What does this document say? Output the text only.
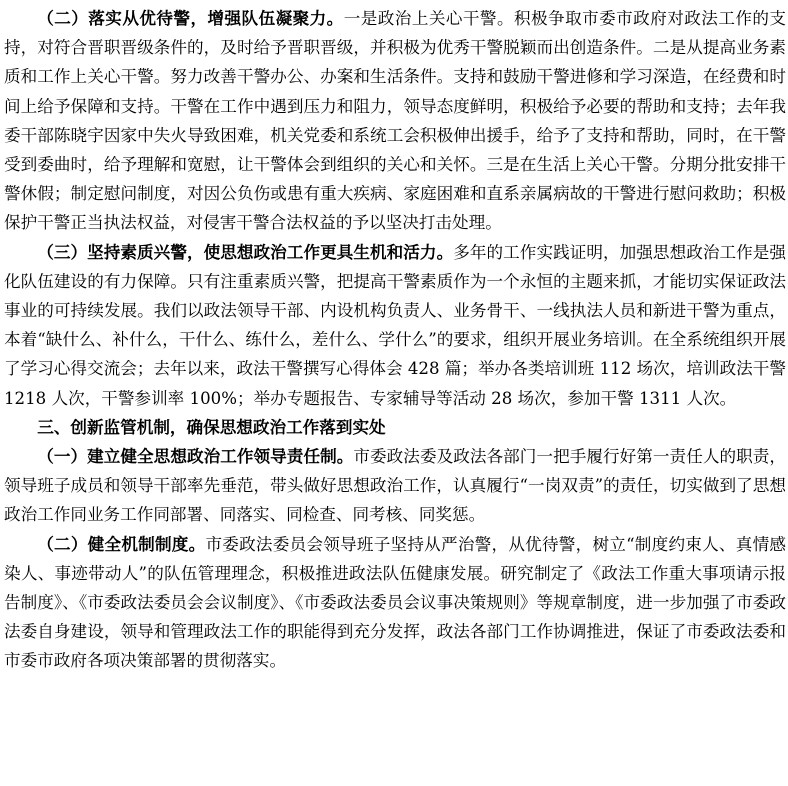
（二）落实从优待警，增强队伍凝聚力。一是政治上关心干警。积极争取市委市政府对政法工作的支持，对符合晋职晋级条件的，及时给予晋职晋级，并积极为优秀干警脱颖而出创造条件。二是从提高业务素质和工作上关心干警。努力改善干警办公、办案和生活条件。支持和鼓励干警进修和学习深造，在经费和时间上给予保障和支持。干警在工作中遇到压力和阻力，领导态度鲜明，积极给予必要的帮助和支持；去年我委干部陈晓宇因家中失火导致困难，机关党委和系统工会积极伸出援手，给予了支持和帮助，同时，在干警受到委曲时，给予理解和宽慰，让干警体会到组织的关心和关怀。三是在生活上关心干警。分期分批安排干警休假；制定慰问制度，对因公负伤或患有重大疾病、家庭困难和直系亲属病故的干警进行慰问救助；积极保护干警正当执法权益，对侵害干警合法权益的予以坚决打击处理。

（三）坚持素质兴警，使思想政治工作更具生机和活力。多年的工作实践证明，加强思想政治工作是强化队伍建设的有力保障。只有注重素质兴警，把提高干警素质作为一个永恒的主题来抓，才能切实保证政法事业的可持续发展。我们以政法领导干部、内设机构负责人、业务骨干、一线执法人员和新进干警为重点，本着“缺什么、补什么，干什么、练什么，差什么、学什么”的要求，组织开展业务培训。在全系统组织开展了学习心得交流会；去年以来，政法干警撰写心得体会 428 篇；举办各类培训班 112 场次，培训政法干警 1218 人次，干警参训率 100%；举办专题报告、专家辅导等活动 28 场次，参加干警 1311 人次。

三、创新监管机制，确保思想政治工作落到实处

（一）建立健全思想政治工作领导责任制。市委政法委及政法各部门一把手履行好第一责任人的职责，领导班子成员和领导干部率先垂范，带头做好思想政治工作，认真履行“一岗双责”的责任，切实做到了思想政治工作同业务工作同部署、同落实、同检查、同考核、同奖惩。

（二）健全机制制度。市委政法委员会领导班子坚持从严治警，从优待警，树立“制度约束人、真情感染人、事迹带动人”的队伍管理理念，积极推进政法队伍健康发展。研究制定了《政法工作重大事项请示报告制度》、《市委政法委员会会议制度》、《市委政法委员会议事决策规则》等规章制度，进一步加强了市委政法委自身建设，领导和管理政法工作的职能得到充分发挥，政法各部门工作协调推进，保证了市委政法委和市委市政府各项决策部署的贯彻落实。
